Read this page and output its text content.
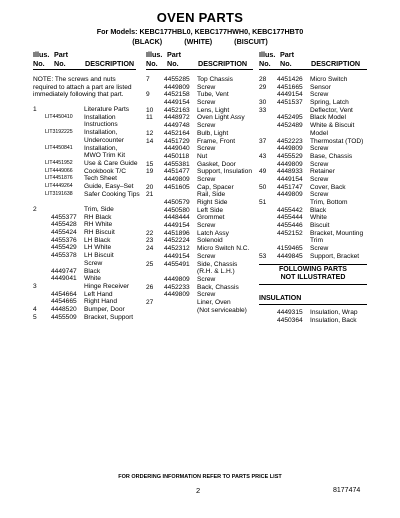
OVEN PARTS
For Models: KEBC177HBL0, KEBC177HWH0, KEBC177HBT0
(BLACK)	(WHITE)	(BISCUIT)
Illus.
No.
Part
No.	DESCRIPTION
NOTE: The screws and nuts required to attach a part are listed immediately following that part.
1	Literature Parts
LIT4450410 Installation
Instructions
LIT3192225 Installation,
Undercounter
LIT4450841 Installation,
MWO Trim Kit
LIT4451952 Use & Care Guide
LIT4449066 Cookbook T/C
LIT4451876 Tech Sheet
LIT4449264 Guide, Easy–Set
LIT3191638 Safer Cooking Tips
2	Trim, Side
4455377 RH Black
4455428 RH White
4455424 RH Biscuit
4455376 LH Black
4455429 LH White
4455378 LH Biscuit
Screw
4449747 Black
4449041 White
3	Hinge Receiver
4454664 Left Hand
4454665 Right Hand
4 4448520 Bumper, Door
5 4455509 Bracket, Support
Illus.
No.
Part
No.	DESCRIPTION
7 4455285 Top Chassis
4449809 Screw
9 4452158 Tube, Vent
4449154 Screw
10 4452163 Lens, Light
11 4448972 Oven Light Assy
4449748 Screw
12 4452164 Bulb, Light
14 4451729 Frame, Front
4449040 Screw
4450118 Nut
15 4455381 Gasket, Door
19 4451477 Support, Insulation
4449809 Screw
20 4451605 Cap, Spacer
21	Rail, Side
4450579 Right Side
4450580 Left Side
4448444 Grommet
4449154 Screw
22 4451896 Latch Assy
23 4452224 Solenoid
24 4452312 Micro Switch N.C.
4449154 Screw
25 4455491 Side, Chassis
(R.H. & L.H.)
4449809 Screw
26 4452233 Back, Chassis
4449809 Screw
27	Liner, Oven
(Not serviceable)
Illus.
No.
Part
No.	DESCRIPTION
28 4451426 Micro Switch
29 4451665 Sensor
4449154 Screw
30 4451537 Spring, Latch
33	Deflector, Vent
4452495 Black Model
4452489 White & Biscuit
Model
37 4452223 Thermostat (TOD)
4449809 Screw
43 4455529 Base, Chassis
4449809 Screw
49 4448933 Retainer
4449154 Screw
50 4451747 Cover, Back
4449809 Screw
51	Trim, Bottom
4455442 Black
4455444 White
4455446 Biscuit
4452152 Bracket, Mounting
Trim
4159465 Screw
53 4449845 Support, Bracket
FOLLOWING PARTS
NOT ILLUSTRATED
INSULATION
4449315 Insulation, Wrap
4450364 Insulation, Back
FOR ORDERING INFORMATION REFER TO PARTS PRICE LIST
2	8177474
